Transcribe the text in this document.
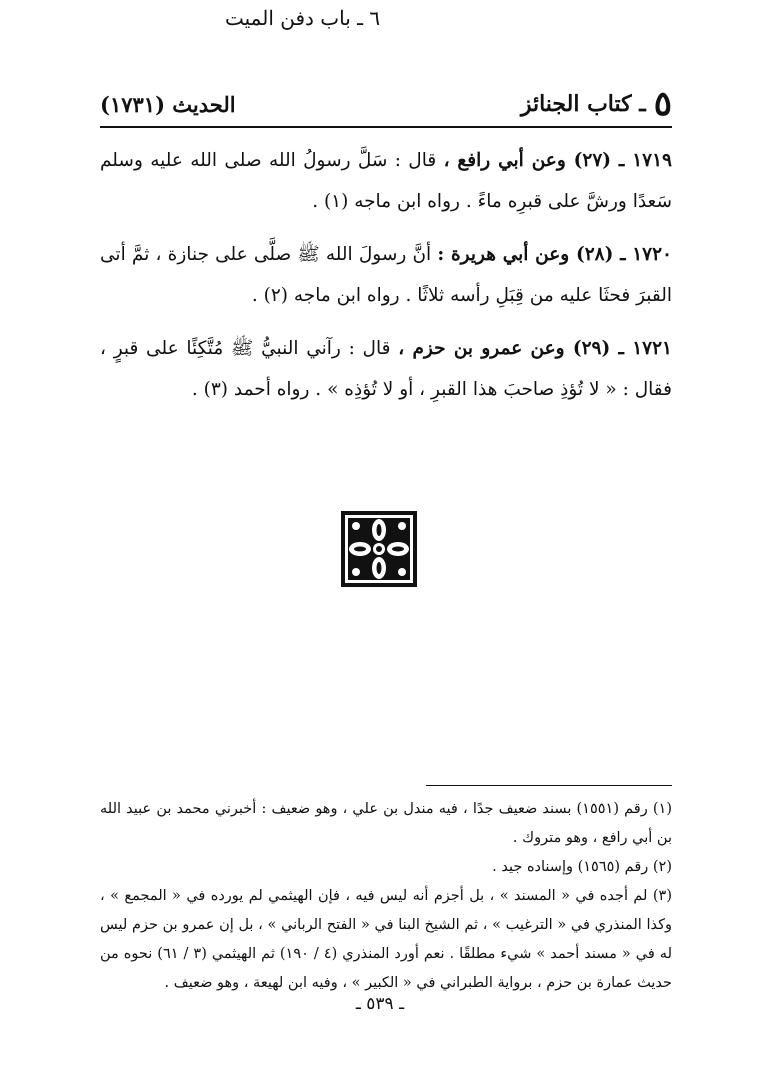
٥
ـ كتاب الجنائز
الحديث (١٧٣١)
٦ ـ باب دفن الميت

١٧١٩ ـ (٢٧) وعن أبي رافع ، قال : سَلَّ رسولُ الله صلى الله عليه وسلم سَعدًا ورشَّ على قبرِه ماءً . رواه ابن ماجه (١) .

١٧٢٠ ـ (٢٨) وعن أبي هريرة : أنَّ رسولَ الله ﷺ صلَّى على جنازة ، ثمَّ أتى القبرَ فحثَا عليه من قِبَلِ رأسه ثلاثًا . رواه ابن ماجه (٢) .

١٧٢١ ـ (٢٩) وعن عمرو بن حزم ، قال : رآني النبيُّ ﷺ مُتَّكِئًا على قبرٍ ، فقال : « لا تُؤذِ صاحبَ هذا القبرِ ، أو لا تُؤذِه » . رواه أحمد (٣) .

(١) رقم (١٥٥١) بسند ضعيف جدًا ، فيه مندل بن علي ، وهو ضعيف : أخبرني محمد بن عبيد الله بن أبي رافع ، وهو متروك .

(٢) رقم (١٥٦٥) وإسناده جيد .

(٣) لم أجده في « المسند » ، بل أجزم أنه ليس فيه ، فإن الهيثمي لم يورده في « المجمع » ، وكذا المنذري في « الترغيب » ، ثم الشيخ البنا في « الفتح الرباني » ، بل إن عمرو بن حزم ليس له في « مسند أحمد » شيء مطلقًا . نعم أورد المنذري (٤ / ١٩٠) ثم الهيثمي (٣ / ٦١) نحوه من حديث عمارة بن حزم ، برواية الطبراني في « الكبير » ، وفيه ابن لهيعة ، وهو ضعيف .

ـ ٥٣٩ ـ
